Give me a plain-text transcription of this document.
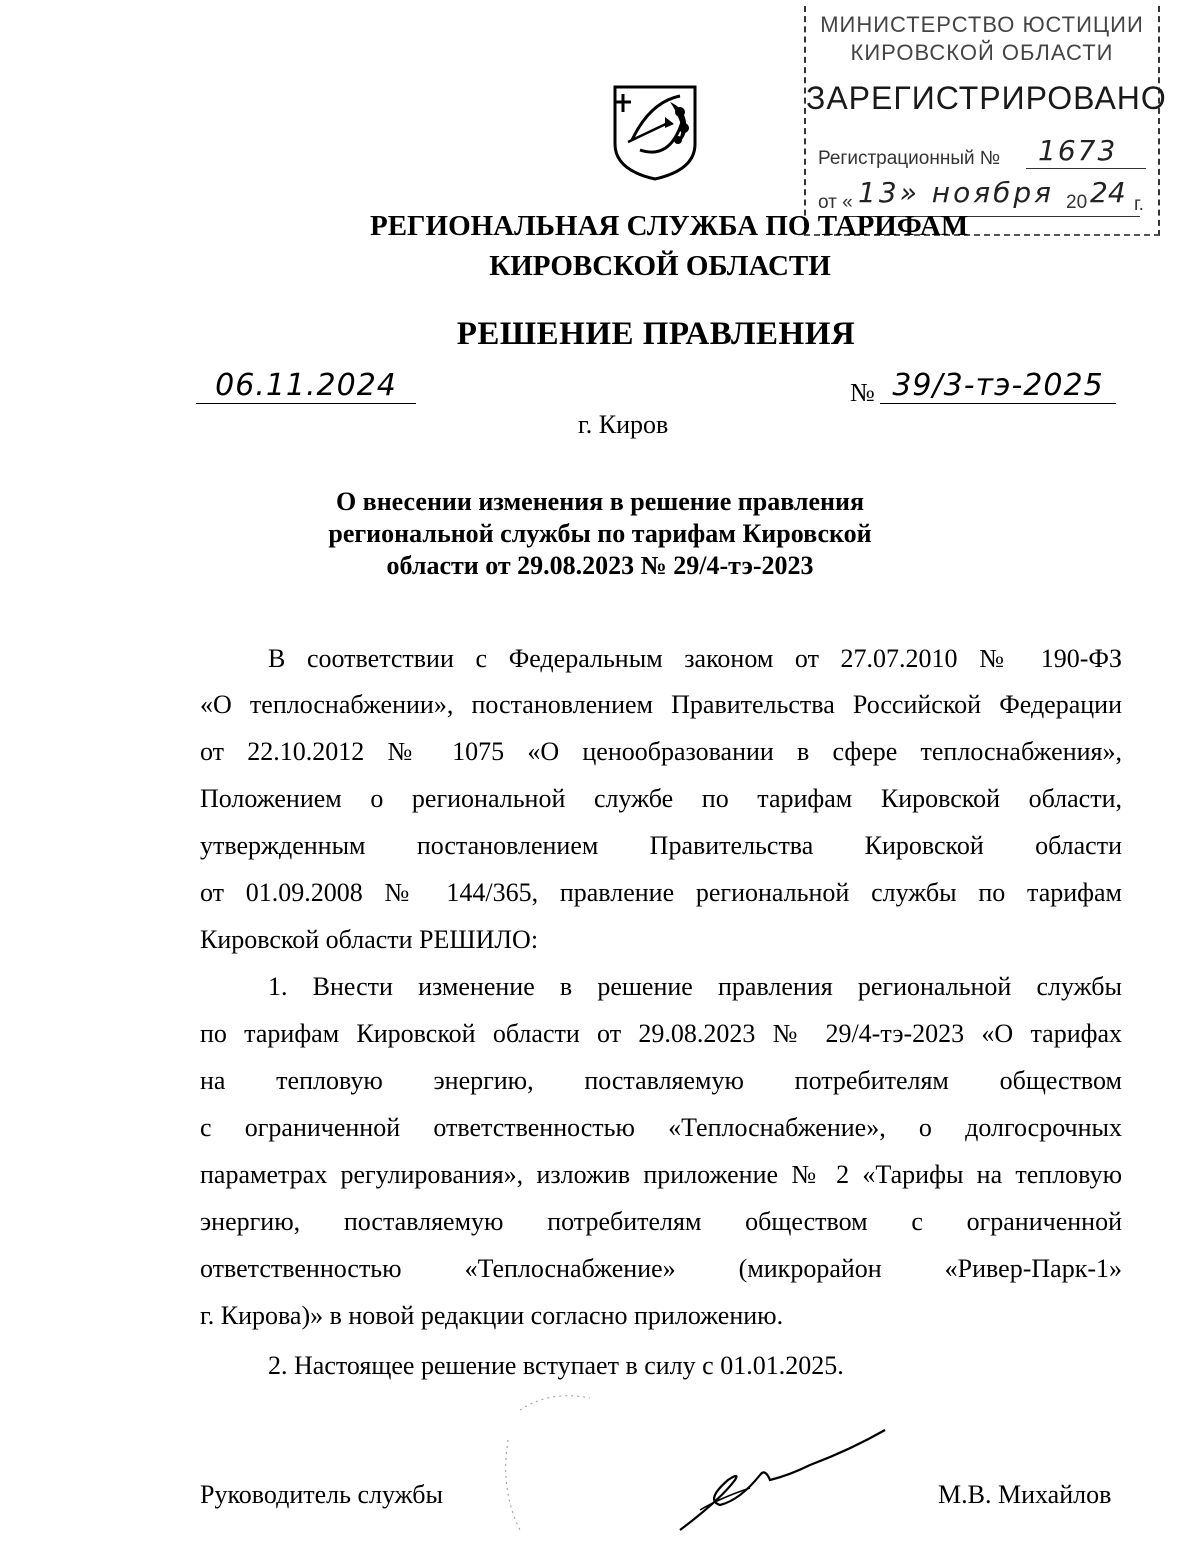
МИНИСТЕРСТВО ЮСТИЦИИ
КИРОВСКОЙ ОБЛАСТИ
ЗАРЕГИСТРИРОВАНО
Регистрационный № 1673
от « 13» ноября 20 24 г.
РЕГИОНАЛЬНАЯ СЛУЖБА ПО ТАРИФАМ
КИРОВСКОЙ ОБЛАСТИ
РЕШЕНИЕ ПРАВЛЕНИЯ
06.11.2024	№ 39/3-тэ-2025
г. Киров
О внесении изменения в решение правления
региональной службы по тарифам Кировской
области от 29.08.2023 № 29/4-тэ-2023
В соответствии с Федеральным законом от 27.07.2010 № 190-ФЗ
«О теплоснабжении», постановлением Правительства Российской Федерации
от 22.10.2012 № 1075 «О ценообразовании в сфере теплоснабжения»,
Положением о региональной службе по тарифам Кировской области,
утвержденным постановлением Правительства Кировской области
от 01.09.2008 № 144/365, правление региональной службы по тарифам
Кировской области РЕШИЛО:
1. Внести изменение в решение правления региональной службы
по тарифам Кировской области от 29.08.2023 № 29/4-тэ-2023 «О тарифах
на тепловую энергию, поставляемую потребителям обществом
с ограниченной ответственностью «Теплоснабжение», о долгосрочных
параметрах регулирования», изложив приложение № 2 «Тарифы на тепловую
энергию, поставляемую потребителям обществом с ограниченной
ответственностью «Теплоснабжение» (микрорайон «Ривер-Парк-1»
г. Кирова)» в новой редакции согласно приложению.
2. Настоящее решение вступает в силу с 01.01.2025.
Руководитель службы	М.В. Михайлов
